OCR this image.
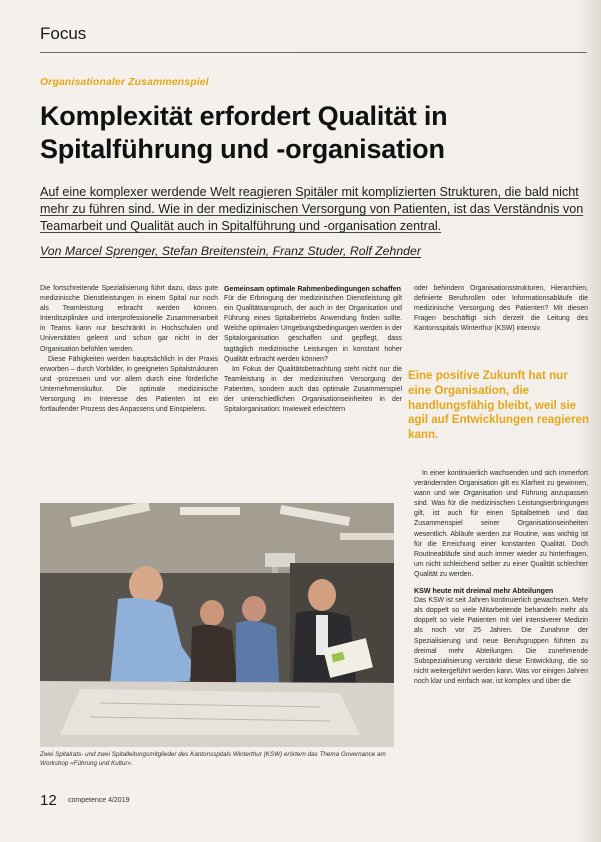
Focus
Organisationaler Zusammenspiel
Komplexität erfordert Qualität in Spitalführung und -organisation

Auf eine komplexer werdende Welt reagieren Spitäler mit komplizierten Strukturen, die bald nicht mehr zu führen sind. Wie in der medizinischen Versorgung von Patienten, ist das Verständnis von Teamarbeit und Qualität auch in Spitalführung und -organisation zentral.

Von Marcel Sprenger, Stefan Breitenstein, Franz Studer, Rolf Zehnder

Die fortschreitende Spezialisierung führt dazu, dass gute medizinische Dienstleistungen in einem Spital nur noch als Teamleistung erbracht werden können. Interdisziplinäre und interprofessionelle Zusammenarbeit in Teams kann nur beschränkt in Hochschulen und Universitäten gelernt und schon gar nicht in der Organisation befohlen werden.

Diese Fähigkeiten werden hauptsächlich in der Praxis erworben – durch Vorbilder, in geeigneten Spitalstrukturen und -prozessen und vor allem durch eine förderliche Unternehmenskultur. Die optimale medizinische Versorgung im Interesse des Patienten ist ein fortlaufender Prozess des Anpassens und Einspielens.

Gemeinsam optimale Rahmenbedingungen schaffen

Für die Erbringung der medizinischen Dienstleistung gilt ein Qualitätsanspruch, der auch in der Organisation und Führung eines Spitalbetriebs Anwendung finden sollte. Welche optimalen Umgebungsbedingungen werden in der Spitalorganisation geschaffen und gepflegt, dass tagtäglich medizinische Leistungen in konstant hoher Qualität erbracht werden können?

Im Fokus der Qualitätsbetrachtung steht nicht nur die Teamleistung in der medizinischen Versorgung der Patienten, sondern auch das optimale Zusammenspiel der unterschiedlichen Organisationseinheiten in der Spitalorganisation: Inwieweit erleichtern

oder behindern Organisationsstrukturen, Hierarchien, definierte Berufsrollen oder Informationsabläufe die medizinische Versorgung des Patienten? Mit diesen Fragen beschäftigt sich derzeit die Leitung des Kantonsspitals Winterthur (KSW) intensiv.

Eine positive Zukunft hat nur eine Organisation, die handlungsfähig bleibt, weil sie agil auf Entwicklungen reagieren kann.

In einer kontinuierlich wachsenden und sich immerfort verändernden Organisation gilt es Klarheit zu gewinnen, wann und wie Organisation und Führung anzupassen sind. Was für die medizinischen Leistungserbringungen gilt, ist auch für einen Spitalbetrieb und das Zusammenspiel seiner Organisationseinheiten wesentlich. Abläufe werden zur Routine, was wichtig ist für die Erreichung einer konstanten Qualität. Doch Routineabläufe sind auch immer wieder zu hinterfragen, um nicht schleichend selber zu einer Qualität schlechter Qualität zu werden.

KSW heute mit dreimal mehr Abteilungen

Das KSW ist seit Jahren kontinuierlich gewachsen. Mehr als doppelt so viele Mitarbeitende behandeln mehr als doppelt so viele Patienten mit viel intensiverer Medizin als noch vor 25 Jahren. Die Zunahme der Spezialisierung und neue Berufsgruppen führten zu dreimal mehr Abteilungen. Die zunehmende Subspezialisierung verstärkt diese Entwicklung, die so nicht weitergeführt werden kann. Was vor einigen Jahren noch klar und einfach war, ist komplex und über die

Zwei Spitalrats- und zwei Spitalleitungsmitglieder des Kantonsspitals Winterthur (KSW) erörtern das Thema Governance am Workshop «Führung und Kultur».

12 competence 4/2019
